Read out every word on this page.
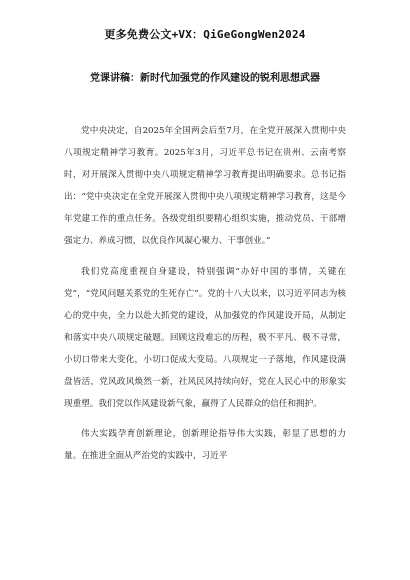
更多免费公文+VX：QiGeGongWen2024
党课讲稿：新时代加强党的作风建设的锐利思想武器

党中央决定，自2025年全国两会后至7月，在全党开展深入贯彻中央八项规定精神学习教育。2025年3月，习近平总书记在贵州、云南考察时，对开展深入贯彻中央八项规定精神学习教育提出明确要求。总书记指出：“党中央决定在全党开展深入贯彻中央八项规定精神学习教育，这是今年党建工作的重点任务。各级党组织要精心组织实施，推动党员、干部增强定力、养成习惯，以优良作风凝心聚力、干事创业。”

我们党高度重视自身建设，特别强调“办好中国的事情，关键在党”，“党风问题关系党的生死存亡”。党的十八大以来，以习近平同志为核心的党中央，全力以赴大抓党的建设，从加强党的作风建设开局，从制定和落实中央八项规定破题。回顾这段难忘的历程，极不平凡、极不寻常，小切口带来大变化，小切口促成大变局。八项规定一子落地，作风建设满盘皆活，党风政风焕然一新，社风民风持续向好，党在人民心中的形象实现重塑。我们党以作风建设新气象，赢得了人民群众的信任和拥护。

伟大实践孕育创新理论，创新理论指导伟大实践，彰显了思想的力量。在推进全面从严治党的实践中，习近平
